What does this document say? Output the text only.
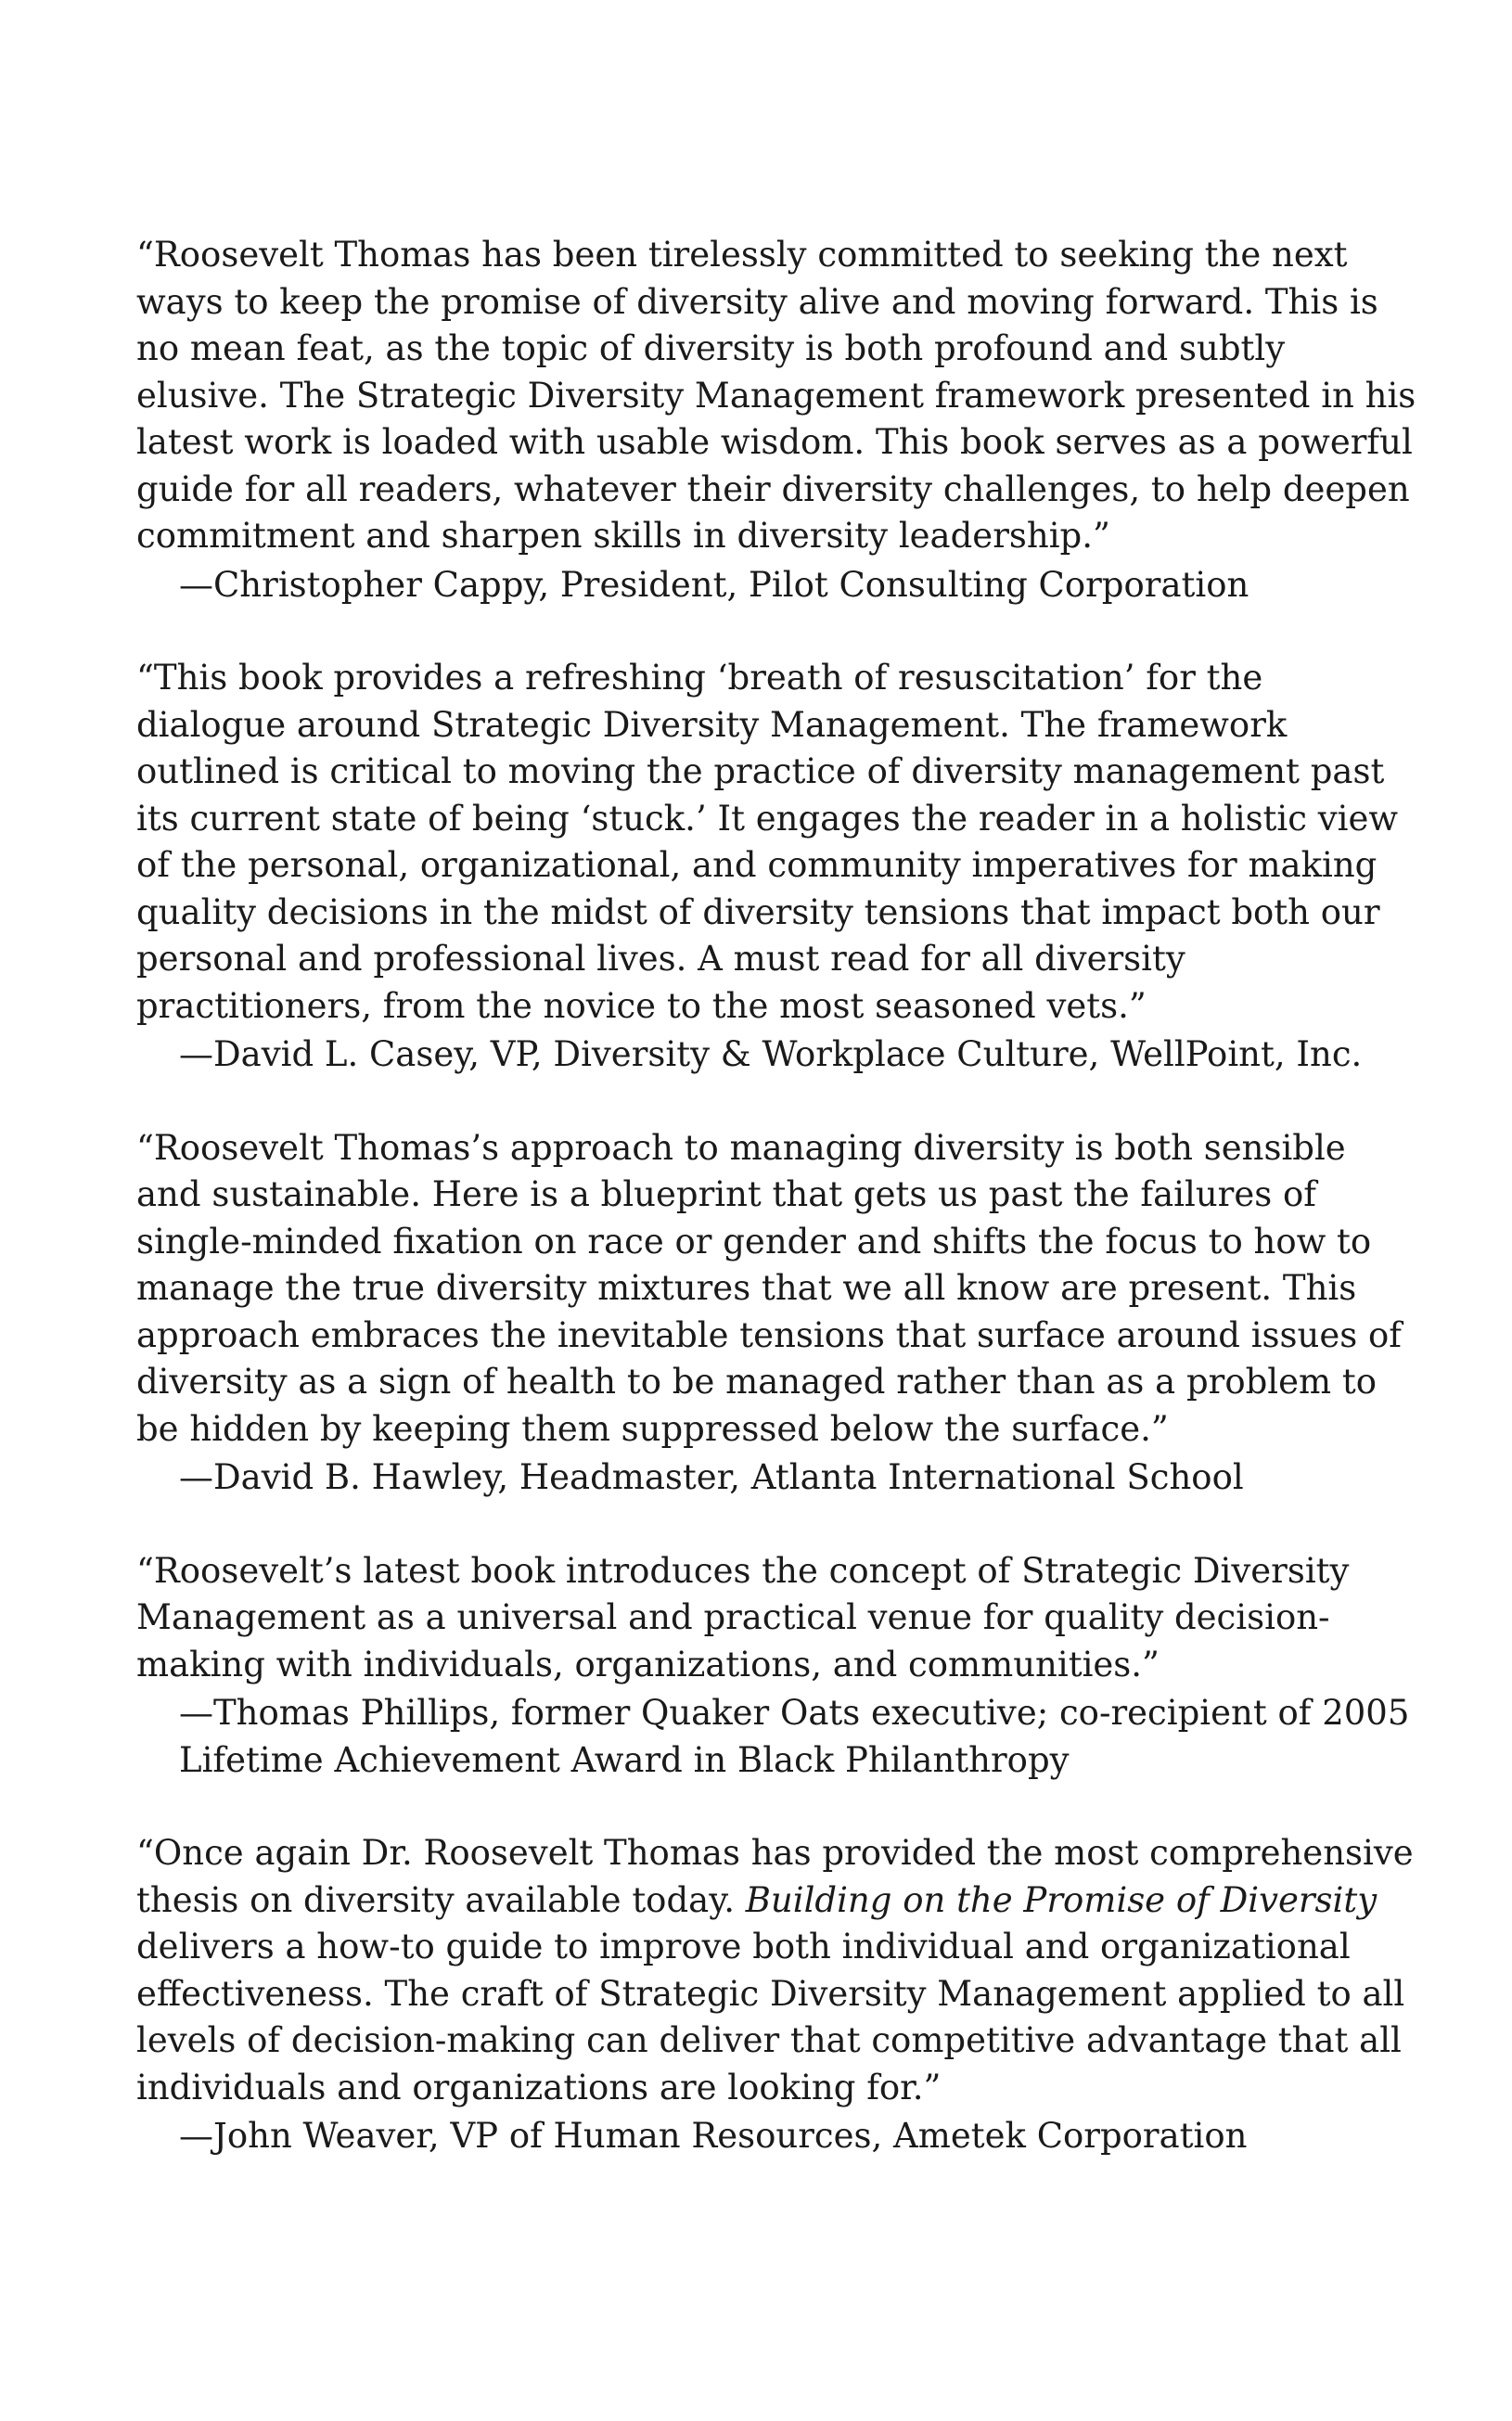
“Roosevelt Thomas has been tirelessly committed to seeking the next ways to keep the promise of diversity alive and moving forward. This is no mean feat, as the topic of diversity is both profound and subtly elusive. The Strategic Diversity Management framework presented in his latest work is loaded with usable wisdom. This book serves as a powerful guide for all readers, whatever their diversity challenges, to help deepen commitment and sharpen skills in diversity leadership.”

—Christopher Cappy, President, Pilot Consulting Corporation

“This book provides a refreshing ‘breath of resuscitation’ for the dialogue around Strategic Diversity Management. The framework outlined is critical to moving the practice of diversity management past its current state of being ‘stuck.’ It engages the reader in a holistic view of the personal, organizational, and community imperatives for making quality decisions in the midst of diversity tensions that impact both our personal and professional lives. A must read for all diversity practitioners, from the novice to the most seasoned vets.”

—David L. Casey, VP, Diversity & Workplace Culture, WellPoint, Inc.

“Roosevelt Thomas’s approach to managing diversity is both sensible and sustainable. Here is a blueprint that gets us past the failures of single-minded fixation on race or gender and shifts the focus to how to manage the true diversity mixtures that we all know are present. This approach embraces the inevitable tensions that surface around issues of diversity as a sign of health to be managed rather than as a problem to be hidden by keeping them suppressed below the surface.”

—David B. Hawley, Headmaster, Atlanta International School

“Roosevelt’s latest book introduces the concept of Strategic Diversity Management as a universal and practical venue for quality decision-making with individuals, organizations, and communities.”

—Thomas Phillips, former Quaker Oats executive; co-recipient of 2005
Lifetime Achievement Award in Black Philanthropy

“Once again Dr. Roosevelt Thomas has provided the most comprehensive thesis on diversity available today. Building on the Promise of Diversity delivers a how-to guide to improve both individual and organizational effectiveness. The craft of Strategic Diversity Management applied to all levels of decision-making can deliver that competitive advantage that all individuals and organizations are looking for.”

—John Weaver, VP of Human Resources, Ametek Corporation
